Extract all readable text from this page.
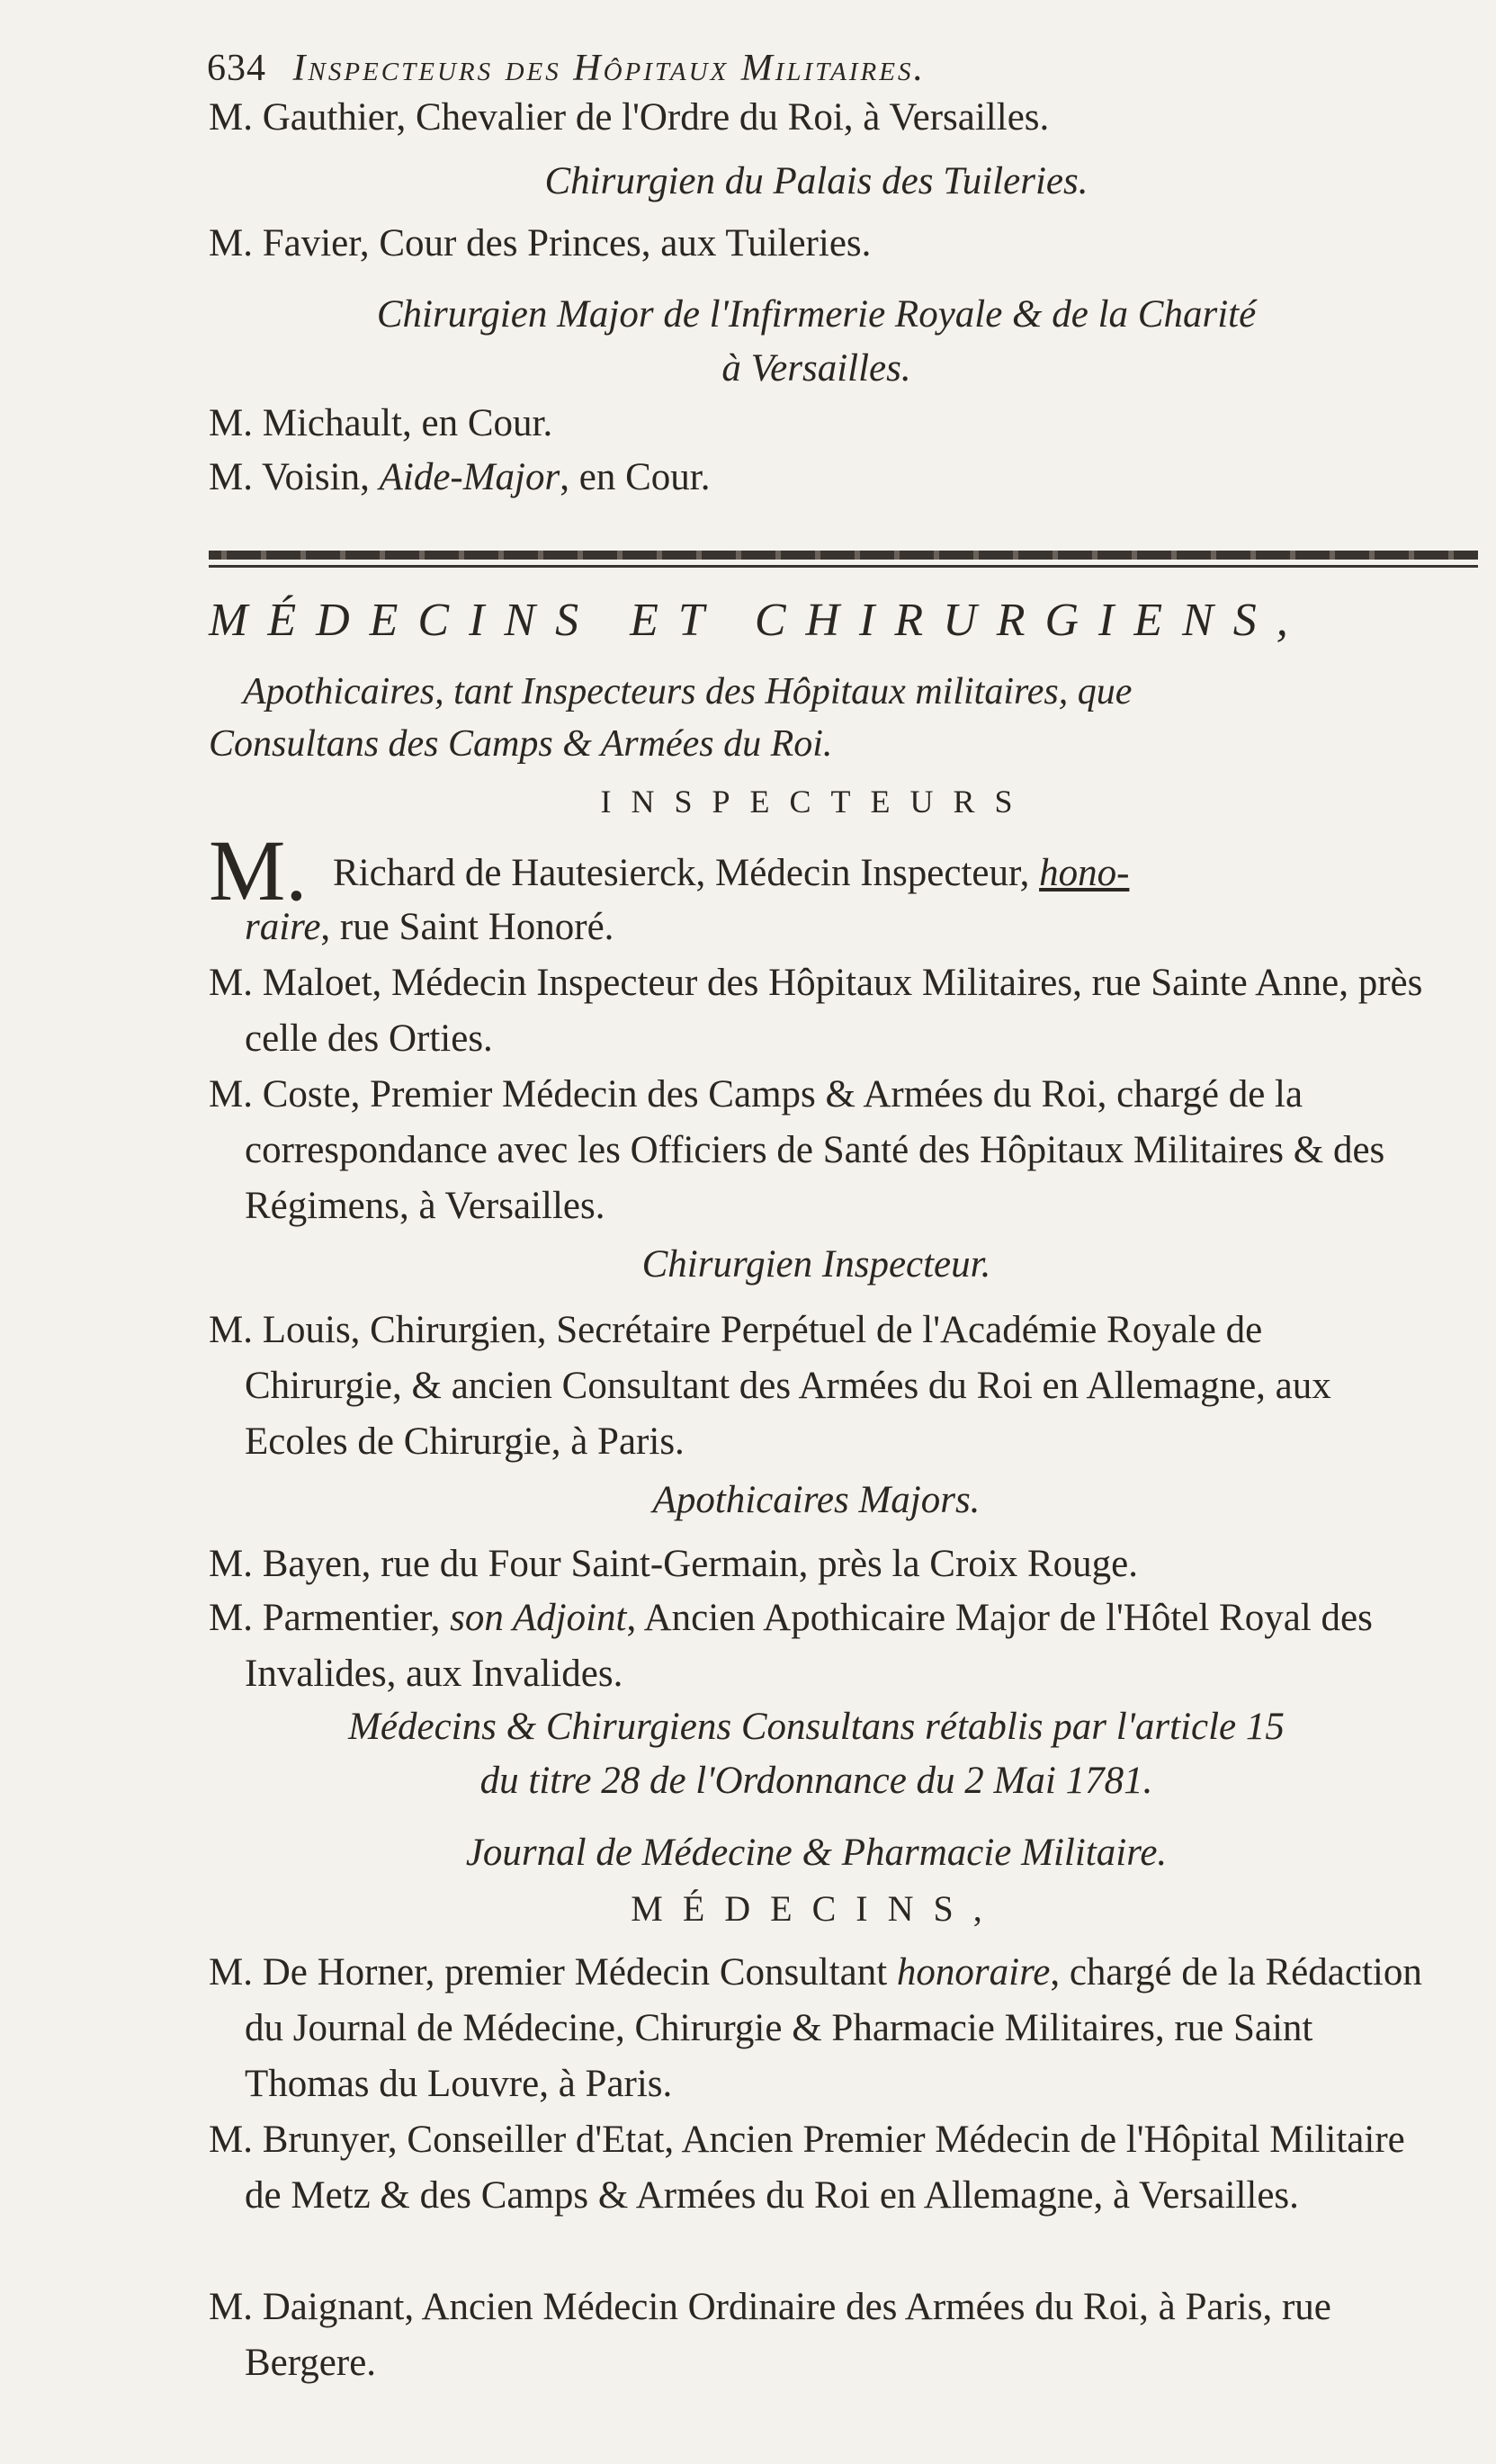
634 Inspecteurs des Hôpitaux Militaires.
M. Gauthier, Chevalier de l'Ordre du Roi, à Versailles.
Chirurgien du Palais des Tuileries.
M. Favier, Cour des Princes, aux Tuileries.
Chirurgien Major de l'Infirmerie Royale & de la Charité
à Versailles.
M. Michault, en Cour.
M. Voisin, Aide-Major, en Cour.
MÉDECINS ET CHIRURGIENS,
Apothicaires, tant Inspecteurs des Hôpitaux militaires, que
Consultans des Camps & Armées du Roi.
INSPECTEURS
M. Richard de Hautesierck, Médecin Inspecteur, hono-
raire, rue Saint Honoré.
M. Maloet, Médecin Inspecteur des Hôpitaux Militaires, rue Sainte Anne, près celle des Orties.
M. Coste, Premier Médecin des Camps & Armées du Roi, chargé de la correspondance avec les Officiers de Santé des Hôpitaux Militaires & des Régimens, à Versailles.
Chirurgien Inspecteur.
M. Louis, Chirurgien, Secrétaire Perpétuel de l'Académie Royale de Chirurgie, & ancien Consultant des Armées du Roi en Allemagne, aux Ecoles de Chirurgie, à Paris.
Apothicaires Majors.
M. Bayen, rue du Four Saint-Germain, près la Croix Rouge.
M. Parmentier, son Adjoint, Ancien Apothicaire Major de l'Hôtel Royal des Invalides, aux Invalides.
Médecins & Chirurgiens Consultans rétablis par l'article 15
du titre 28 de l'Ordonnance du 2 Mai 1781.
Journal de Médecine & Pharmacie Militaire.
MÉDECINS,
M. De Horner, premier Médecin Consultant honoraire, chargé de la Rédaction du Journal de Médecine, Chirurgie & Pharmacie Militaires, rue Saint Thomas du Louvre, à Paris.
M. Brunyer, Conseiller d'Etat, Ancien Premier Médecin de l'Hôpital Militaire de Metz & des Camps & Armées du Roi en Allemagne, à Versailles.
M. Daignant, Ancien Médecin Ordinaire des Armées du Roi, à Paris, rue Bergere.
